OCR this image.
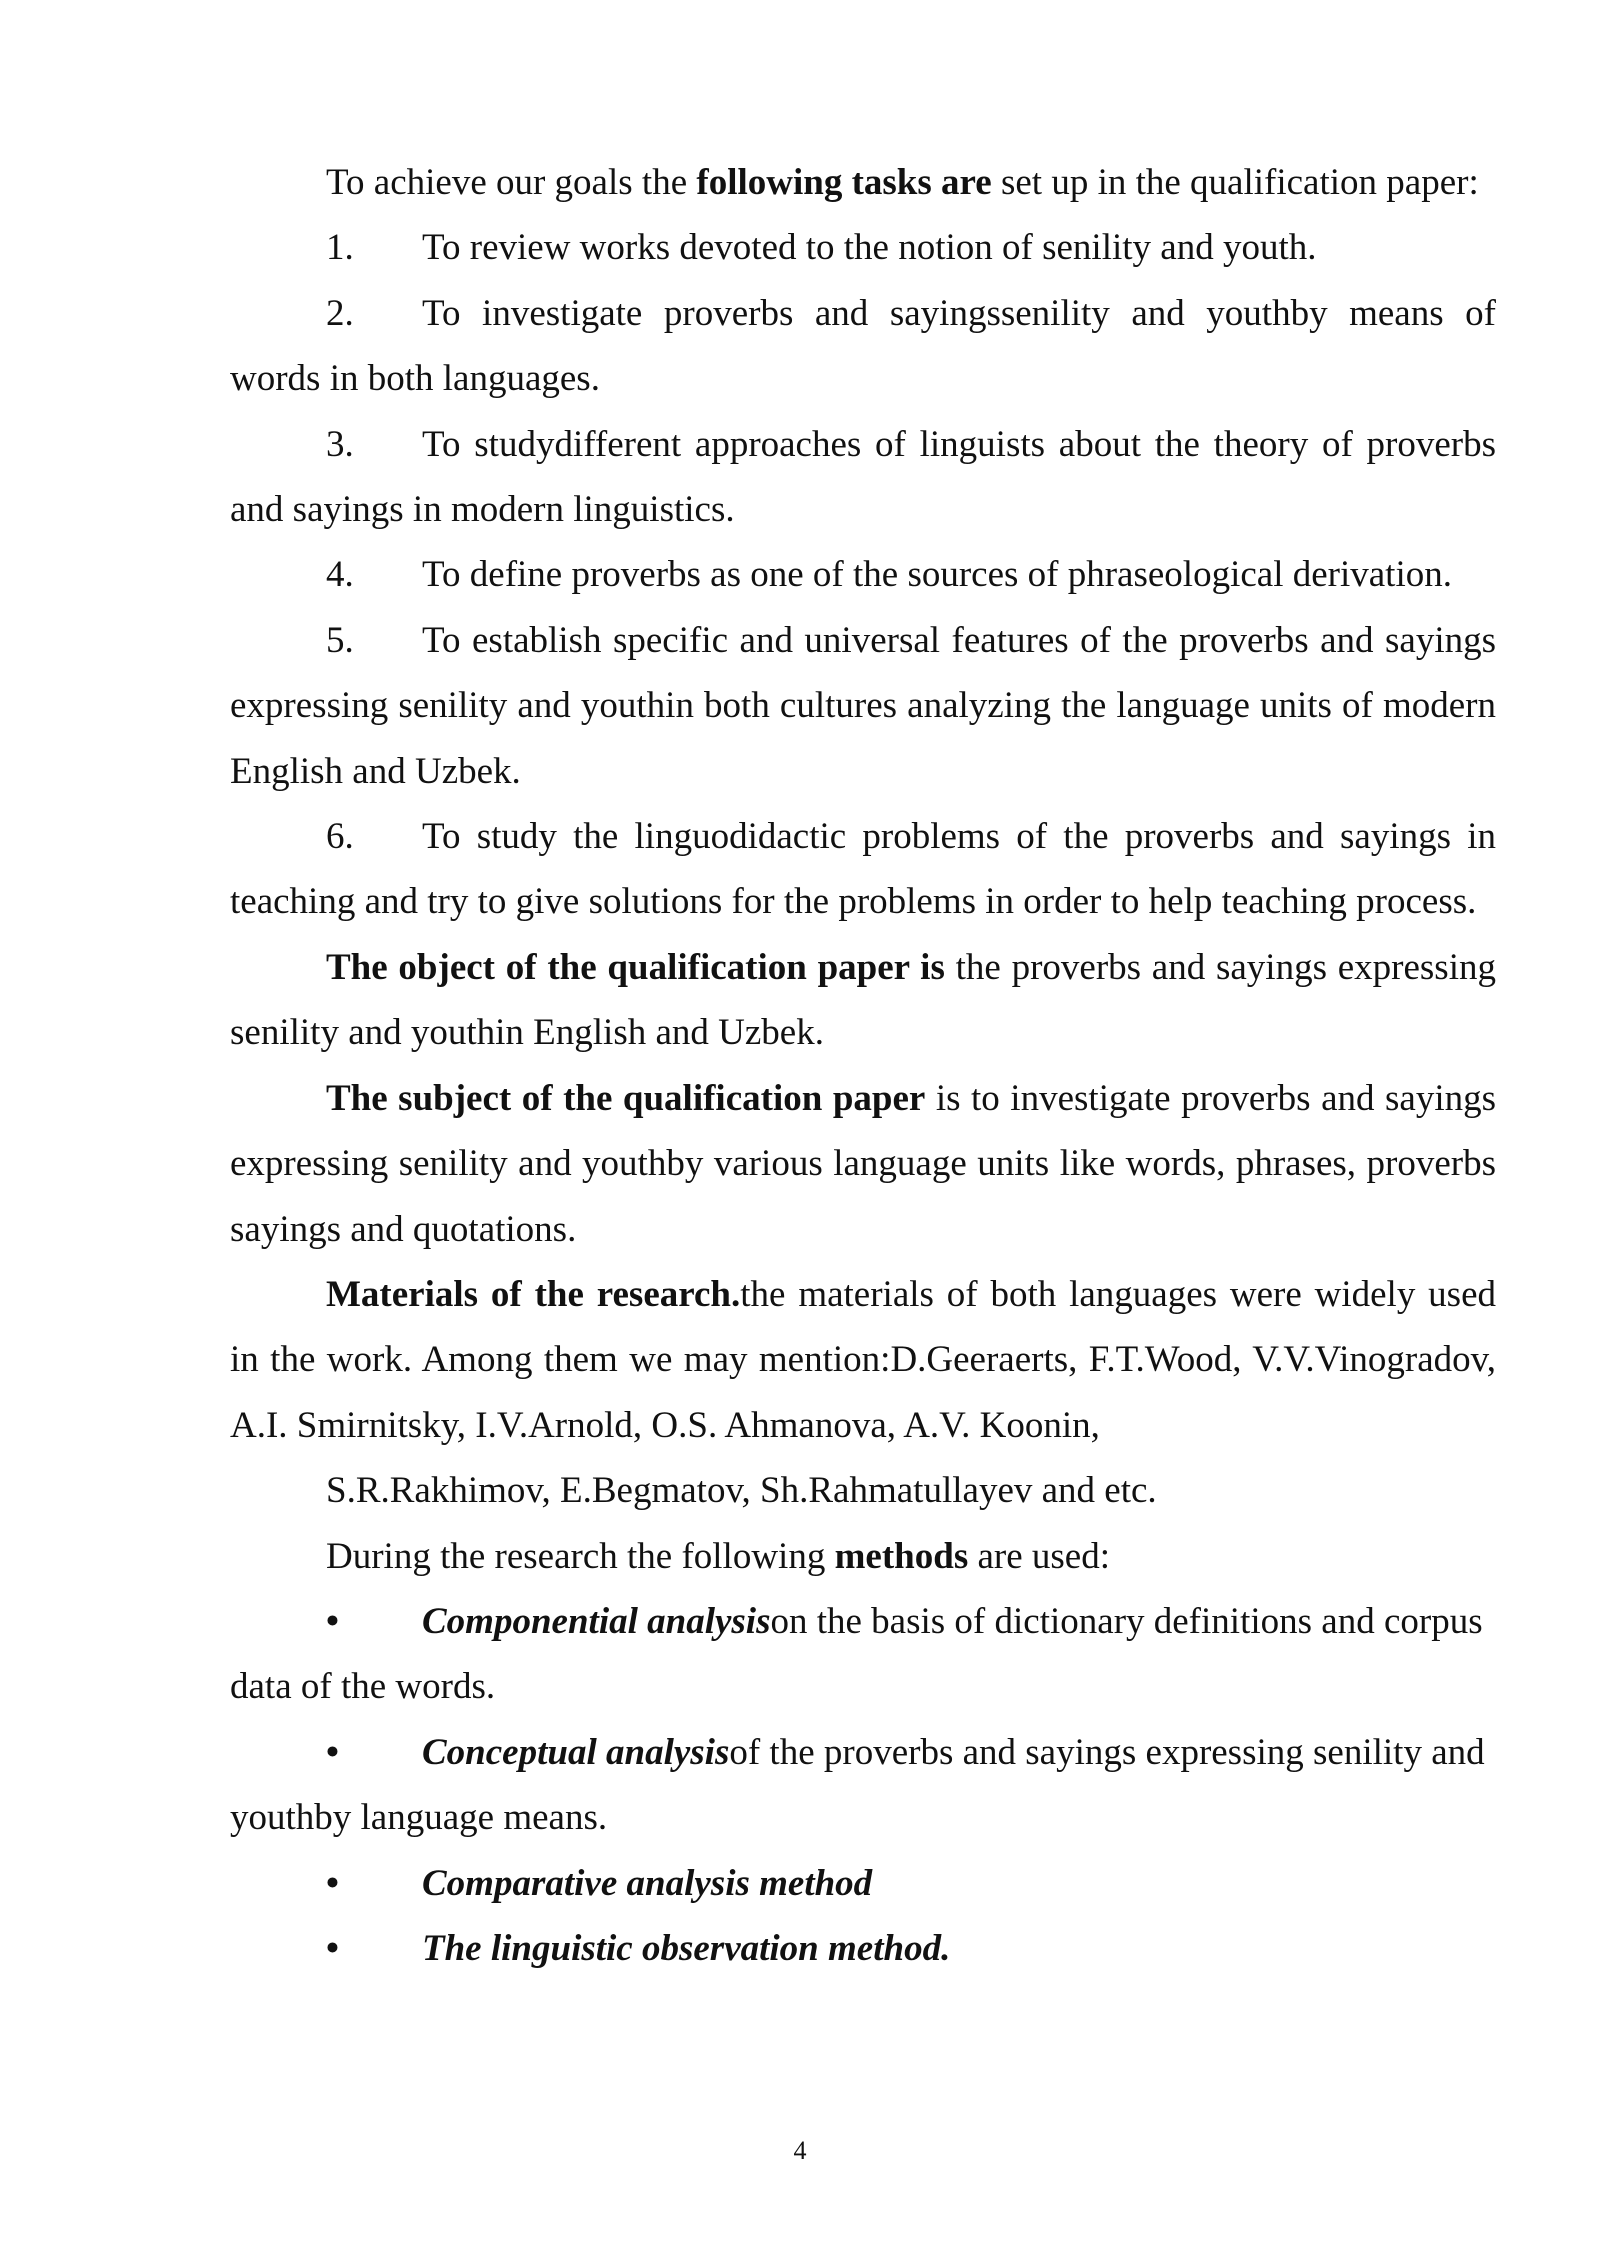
To achieve our goals the following tasks are set up in the qualification paper:

1. To review works devoted to the notion of senility and youth.

2. To investigate proverbs and sayingssenility and youthby means of words in both languages.

3. To studydifferent approaches of linguists about the theory of proverbs and sayings in modern linguistics.

4. To define proverbs as one of the sources of phraseological derivation.

5. To establish specific and universal features of the proverbs and sayings expressing senility and youthin both cultures analyzing the language units of modern English and Uzbek.

6. To study the linguodidactic problems of the proverbs and sayings in teaching and try to give solutions for the problems in order to help teaching process.

The object of the qualification paper is the proverbs and sayings expressing senility and youthin English and Uzbek.

The subject of the qualification paper is to investigate proverbs and sayings expressing senility and youthby various language units like words, phrases, proverbs sayings and quotations.

Materials of the research.the materials of both languages were widely used in the work. Among them we may mention:D.Geeraerts, F.T.Wood, V.V.Vinogradov, A.I. Smirnitsky, I.V.Arnold, O.S. Ahmanova, A.V. Koonin,

S.R.Rakhimov, E.Begmatov, Sh.Rahmatullayev and etc.

During the research the following methods are used:

• Componential analysison the basis of dictionary definitions and corpus data of the words.

• Conceptual analysisof the proverbs and sayings expressing senility and youthby language means.

• Comparative analysis method

• The linguistic observation method.

4
